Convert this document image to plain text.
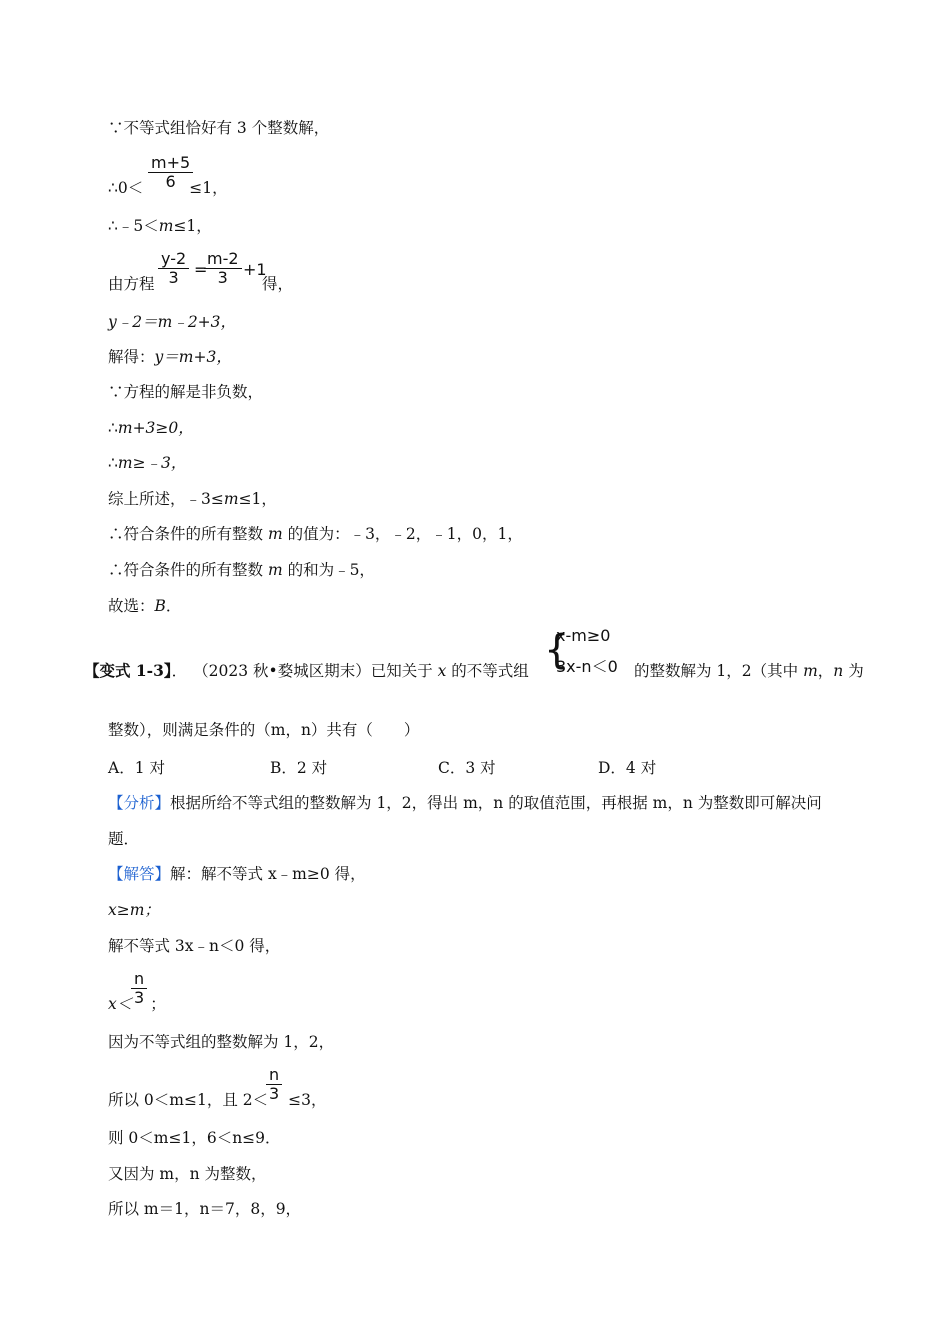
∵不等式组恰好有 3 个整数解，
∴0＜	≤1，
$\frac{m+5}{6}$
∴﹣5＜m≤1，
由方程 $\frac{y-2}{3}$ =
$\frac{m-2}{3} +1$
得，
y﹣2＝m﹣2+3，
解得：y＝m+3，
∵方程的解是非负数，
∴m+3≥0，
∴m≥﹣3，
综上所述，﹣3≤m≤1，
∴符合条件的所有整数 m 的值为：﹣3，﹣2，﹣1，0，1，
∴符合条件的所有整数 m 的和为﹣5，
故选：B．
【变式 1-3】． （2023 秋•婺城区期末）已知关于 x 的不等式组 {
x-m≥0
3x-n＜0 的整数解为 1，2（其中 m，n 为
整数），则满足条件的（m，n）共有（　　）
A．1 对	B．2 对	C．3 对	D．4 对
【分析】根据所给不等式组的整数解为 1，2，得出 m，n 的取值范围，再根据 m，n 为整数即可解决问
题．
【解答】解：解不等式 x﹣m≥0 得，
x≥m；
解不等式 3x﹣n＜0 得，
x＜ ；
$\frac{n}{3}$
因为不等式组的整数解为 1，2，
所以 0＜m≤1，且 2＜ ≤3，
$\frac{n}{3}$
则 0＜m≤1，6＜n≤9．
又因为 m，n 为整数，
所以 m＝1，n＝7，8，9，
